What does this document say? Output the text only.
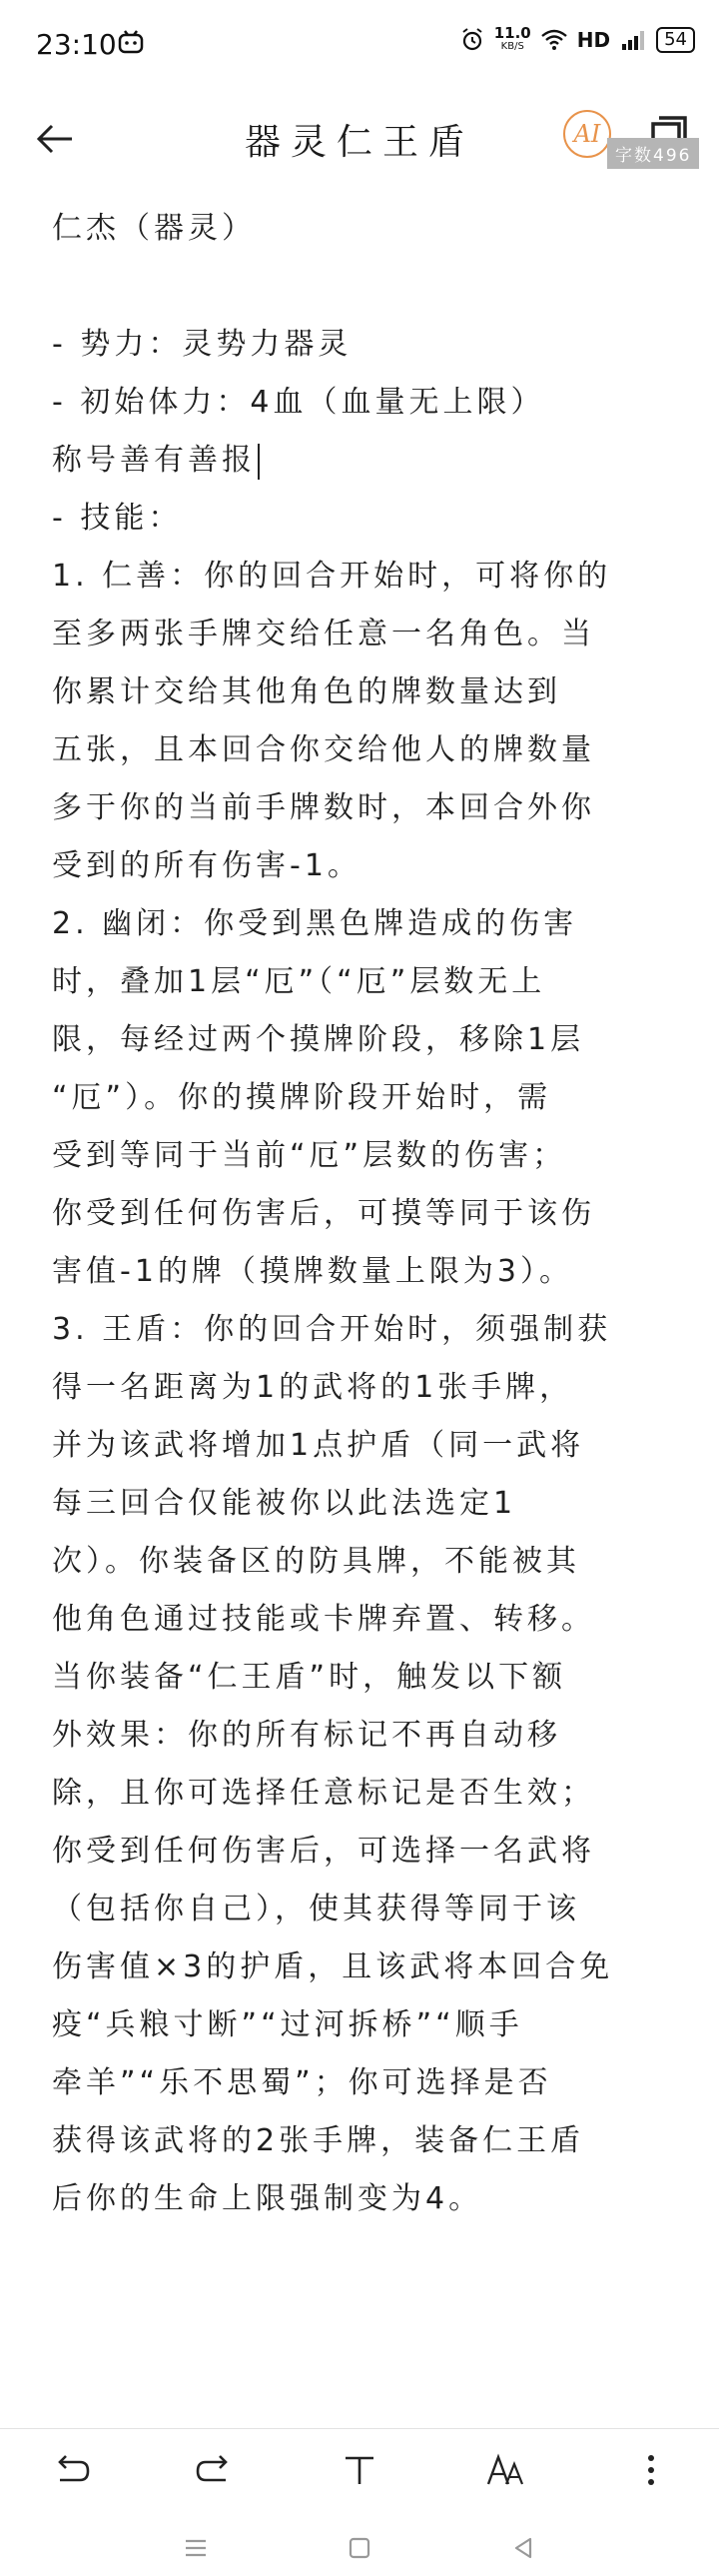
23:10	11.0
KB/S	HD	54
器灵仁王盾	AI
字数496

仁杰（器灵）

- 势力：灵势力器灵

- 初始体力：4血（血量无上限）

称号善有善报

- 技能：

1. 仁善：你的回合开始时，可将你的

至多两张手牌交给任意一名角色。当

你累计交给其他角色的牌数量达到

五张，且本回合你交给他人的牌数量

多于你的当前手牌数时，本回合外你

受到的所有伤害-1。

2. 幽闭：你受到黑色牌造成的伤害

时，叠加1层“厄”（“厄”层数无上

限，每经过两个摸牌阶段，移除1层

“厄”）。你的摸牌阶段开始时，需

受到等同于当前“厄”层数的伤害；

你受到任何伤害后，可摸等同于该伤

害值-1的牌（摸牌数量上限为3）。

3. 王盾：你的回合开始时，须强制获

得一名距离为1的武将的1张手牌，

并为该武将增加1点护盾（同一武将

每三回合仅能被你以此法选定1

次）。你装备区的防具牌，不能被其

他角色通过技能或卡牌弃置、转移。

当你装备“仁王盾”时，触发以下额

外效果：你的所有标记不再自动移

除，且你可选择任意标记是否生效；

你受到任何伤害后，可选择一名武将

（包括你自己），使其获得等同于该

伤害值×3的护盾，且该武将本回合免

疫“兵粮寸断”“过河拆桥”“顺手

牵羊”“乐不思蜀”；你可选择是否

获得该武将的2张手牌，装备仁王盾

后你的生命上限强制变为4。
